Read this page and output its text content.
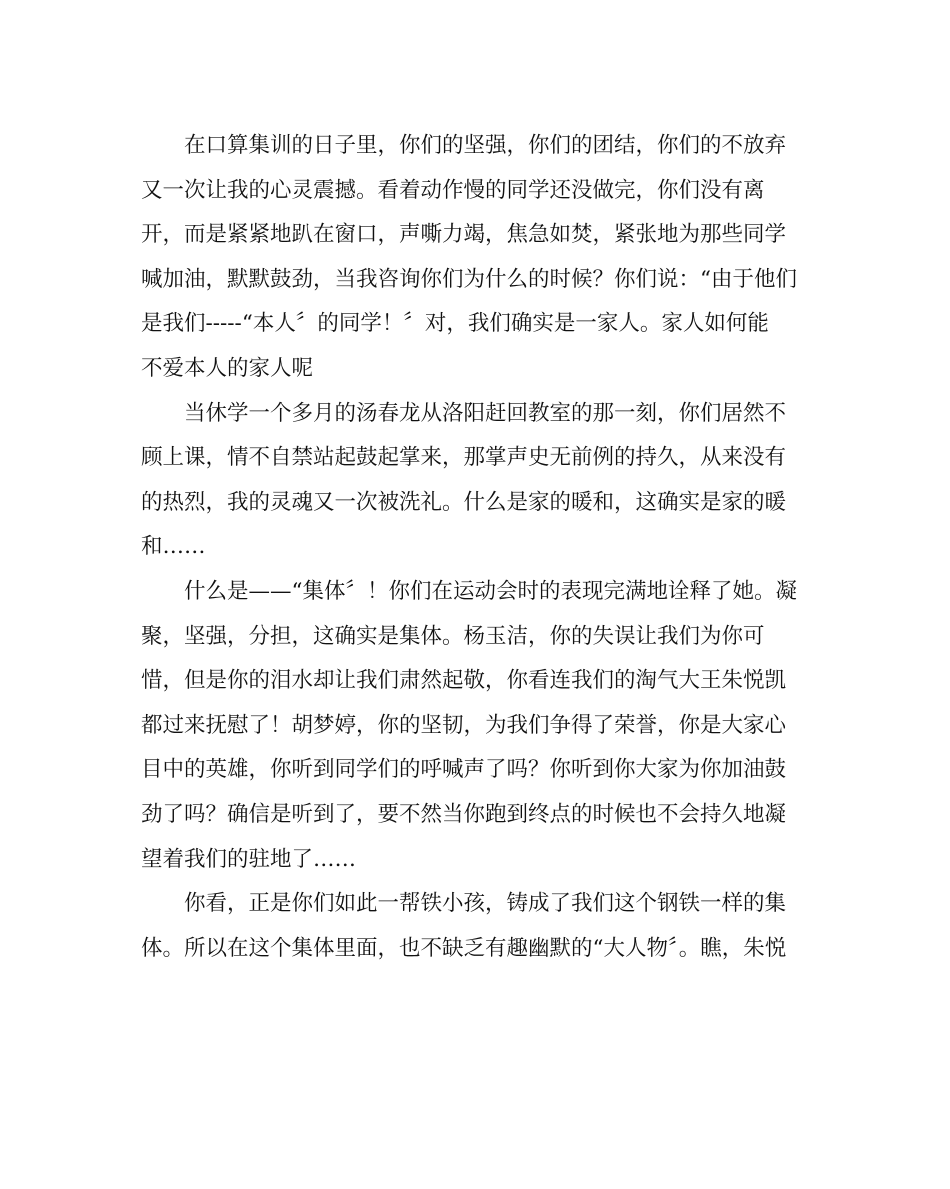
在口算集训的日子里，你们的坚强，你们的团结，你们的不放弃
又一次让我的心灵震撼。看着动作慢的同学还没做完，你们没有离
开，而是紧紧地趴在窗口，声嘶力竭，焦急如焚，紧张地为那些同学
喊加油，默默鼓劲，当我咨询你们为什么的时候？你们说：“由于他们
是我们-----“本人〞的同学！〞对，我们确实是一家人。家人如何能
不爱本人的家人呢
当休学一个多月的汤春龙从洛阳赶回教室的那一刻，你们居然不
顾上课，情不自禁站起鼓起掌来，那掌声史无前例的持久，从来没有
的热烈，我的灵魂又一次被洗礼。什么是家的暖和，这确实是家的暖
和……
什么是——“集体〞！你们在运动会时的表现完满地诠释了她。凝
聚，坚强，分担，这确实是集体。杨玉洁，你的失误让我们为你可
惜，但是你的泪水却让我们肃然起敬，你看连我们的淘气大王朱悦凯
都过来抚慰了！胡梦婷，你的坚韧，为我们争得了荣誉，你是大家心
目中的英雄，你听到同学们的呼喊声了吗？你听到你大家为你加油鼓
劲了吗？确信是听到了，要不然当你跑到终点的时候也不会持久地凝
望着我们的驻地了……
你看，正是你们如此一帮铁小孩，铸成了我们这个钢铁一样的集
体。所以在这个集体里面，也不缺乏有趣幽默的“大人物〞。瞧，朱悦
